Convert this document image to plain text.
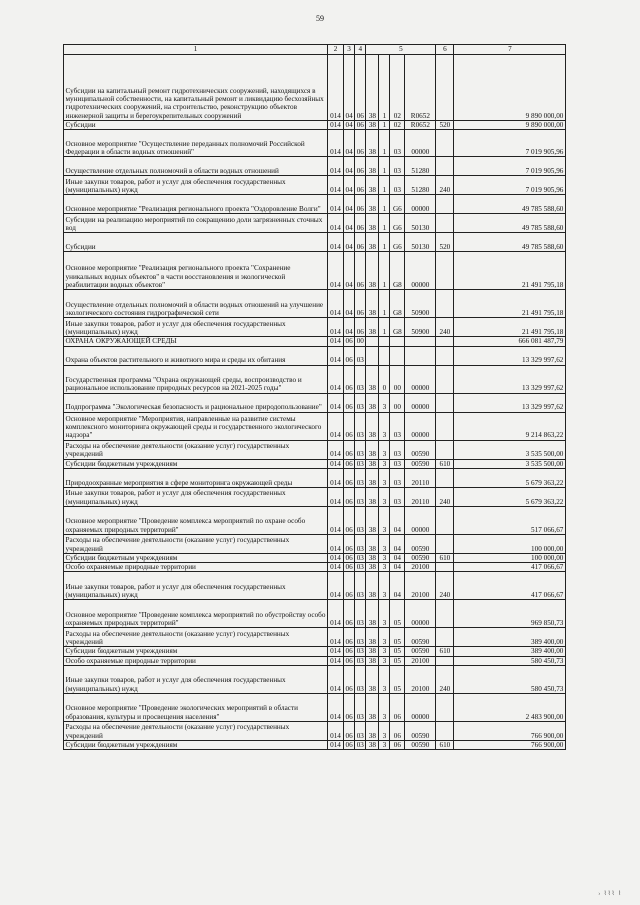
59
1	2	3	4	5				6	7
Субсидии на капитальный ремонт гидротехнических сооружений, находящихся в муниципальной собственности, на капитальный ремонт и ликвидацию бесхозяйных гидротехнических сооружений, на строительство, реконструкцию объектов инженерной защиты и берегоукрепительных сооружений	014	04	06	38	1	02	R0652		9 890 000,00
Субсидии	014	04	06	38	1	02	R0652	520	9 890 000,00
Основное мероприятие "Осуществление переданных полномочий Российской Федерации в области водных отношений"	014	04	06	38	1	03	00000		7 019 905,96
Осуществление отдельных полномочий в области водных отношений	014	04	06	38	1	03	51280		7 019 905,96
Иные закупки товаров, работ и услуг для обеспечения государственных (муниципальных) нужд	014	04	06	38	1	03	51280	240	7 019 905,96
Основное мероприятие "Реализация регионального проекта "Оздоровление Волги"	014	04	06	38	1	G6	00000		49 785 588,60
Субсидии на реализацию мероприятий по сокращению доли загрязненных сточных вод	014	04	06	38	1	G6	50130		49 785 588,60
Субсидии	014	04	06	38	1	G6	50130	520	49 785 588,60
Основное мероприятие "Реализация регионального проекта "Сохранение уникальных водных объектов" в части восстановления и экологической реабилитации водных объектов"	014	04	06	38	1	G8	00000		21 491 795,18
Осуществление отдельных полномочий в области водных отношений на улучшение экологического состояния гидрографической сети	014	04	06	38	1	G8	50900		21 491 795,18
Иные закупки товаров, работ и услуг для обеспечения государственных (муниципальных) нужд	014	04	06	38	1	G8	50900	240	21 491 795,18
ОХРАНА ОКРУЖАЮЩЕЙ СРЕДЫ	014	06	00						666 081 487,79
Охрана объектов растительного и животного мира и среды их обитания	014	06	03						13 329 997,62
Государственная программа "Охрана окружающей среды, воспроизводство и рациональное использование природных ресурсов на 2021-2025 годы"	014	06	03	38	0	00	00000		13 329 997,62
Подпрограмма "Экологическая безопасность и рациональное природопользование"	014	06	03	38	3	00	00000		13 329 997,62
Основное мероприятие "Мероприятия, направленные на развитие системы комплексного мониторинга окружающей среды и государственного экологического надзора"	014	06	03	38	3	03	00000		9 214 863,22
Расходы на обеспечение деятельности (оказание услуг) государственных учреждений	014	06	03	38	3	03	00590		3 535 500,00
Субсидии бюджетным учреждениям	014	06	03	38	3	03	00590	610	3 535 500,00
Природоохранные мероприятия в сфере мониторинга окружающей среды	014	06	03	38	3	03	20110		5 679 363,22
Иные закупки товаров, работ и услуг для обеспечения государственных (муниципальных) нужд	014	06	03	38	3	03	20110	240	5 679 363,22
Основное мероприятие "Проведение комплекса мероприятий по охране особо охраняемых природных территорий"	014	06	03	38	3	04	00000		517 066,67
Расходы на обеспечение деятельности (оказание услуг) государственных учреждений	014	06	03	38	3	04	00590		100 000,00
Субсидии бюджетным учреждениям	014	06	03	38	3	04	00590	610	100 000,00
Особо охраняемые природные территории	014	06	03	38	3	04	20100		417 066,67
Иные закупки товаров, работ и услуг для обеспечения государственных (муниципальных) нужд	014	06	03	38	3	04	20100	240	417 066,67
Основное мероприятие "Проведение комплекса мероприятий по обустройству особо охраняемых природных территорий"	014	06	03	38	3	05	00000		969 850,73
Расходы на обеспечение деятельности (оказание услуг) государственных учреждений	014	06	03	38	3	05	00590		389 400,00
Субсидии бюджетным учреждениям	014	06	03	38	3	05	00590	610	389 400,00
Особо охраняемые природные территории	014	06	03	38	3	05	20100		580 450,73
Иные закупки товаров, работ и услуг для обеспечения государственных (муниципальных) нужд	014	06	03	38	3	05	20100	240	580 450,73
Основное мероприятие "Проведение экологических мероприятий в области образования, культуры и просвещения населения"	014	06	03	38	3	06	00000		2 483 900,00
Расходы на обеспечение деятельности (оказание услуг) государственных учреждений	014	06	03	38	3	06	00590		766 900,00
Субсидии бюджетным учреждениям	014	06	03	38	3	06	00590	610	766 900,00
› ⌇⌇⌇ ⌇
